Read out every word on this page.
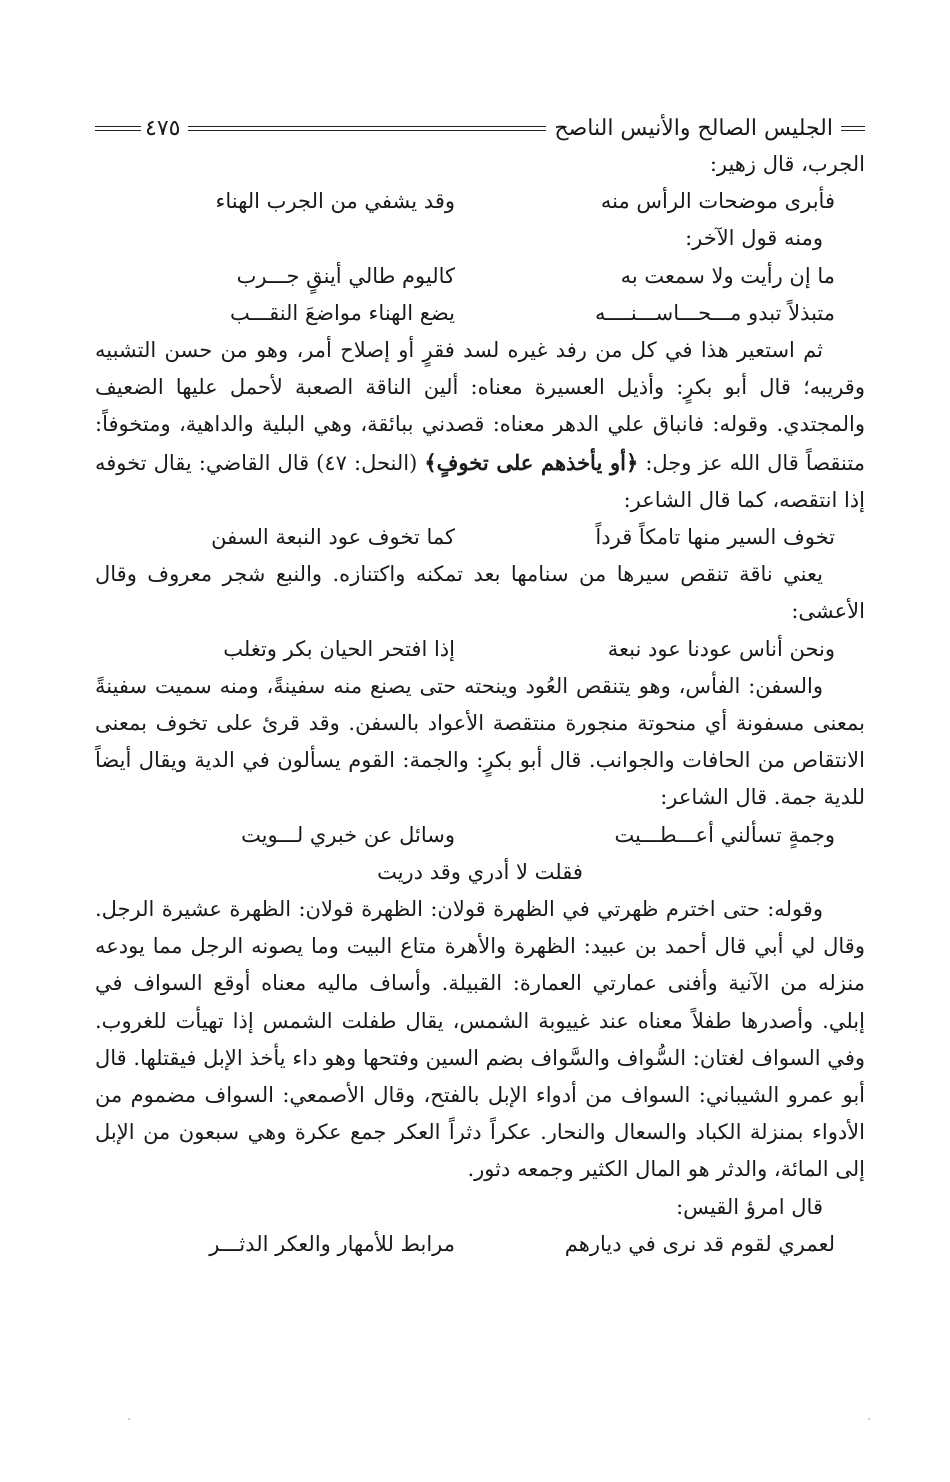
الجليس الصالح والأنيس الناصح
٤٧٥

الجرب، قال زهير:

فأبرى موضحات الرأس منه
وقد يشفي من الجرب الهناء

ومنه قول الآخر:

ما إن رأيت ولا سمعت به
كاليوم طالي أينقٍ جـــرب
متبذلاً تبدو مـــحـــاســـنــــه
يضع الهناء مواضعَ النقـــب

ثم استعير هذا في كل من رفد غيره لسد فقرٍ أو إصلاح أمر، وهو من حسن التشبيه وقريبه؛ قال أبو بكرٍ: وأذيل العسيرة معناه: ألين الناقة الصعبة لأحمل عليها الضعيف والمجتدي. وقوله: فانباق علي الدهر معناه: قصدني ببائقة، وهي البلية والداهية، ومتخوفاً: متنقصاً قال الله عز وجل: ﴿أو يأخذهم على تخوفٍ﴾ (النحل: ٤٧) قال القاضي: يقال تخوفه إذا انتقصه، كما قال الشاعر:

تخوف السير منها تامكاً قرداً
كما تخوف عود النبعة السفن

يعني ناقة تنقص سيرها من سنامها بعد تمكنه واكتنازه. والنبع شجر معروف وقال الأعشى:

ونحن أناس عودنا عود نبعة
إذا افتحر الحيان بكر وتغلب

والسفن: الفأس، وهو يتنقص العُود وينحته حتى يصنع منه سفينةً، ومنه سميت سفينةً بمعنى مسفونة أي منحوتة منجورة منتقصة الأعواد بالسفن. وقد قرئ على تخوف بمعنى الانتقاص من الحافات والجوانب. قال أبو بكرٍ: والجمة: القوم يسألون في الدية ويقال أيضاً للدية جمة. قال الشاعر:

وجمةٍ تسألني أعـــطـــيت
وسائل عن خبري لـــويت
فقلت لا أدري وقد دريت

وقوله: حتى اخترم ظهرتي في الظهرة قولان: الظهرة قولان: الظهرة عشيرة الرجل. وقال لي أبي قال أحمد بن عبيد: الظهرة والأهرة متاع البيت وما يصونه الرجل مما يودعه منزله من الآنية وأفنى عمارتي العمارة: القبيلة. وأساف ماليه معناه أوقع السواف في إبلي. وأصدرها طفلاً معناه عند غييوبة الشمس، يقال طفلت الشمس إذا تهيأت للغروب. وفي السواف لغتان: السُّواف والسَّواف بضم السين وفتحها وهو داء يأخذ الإبل فيقتلها. قال أبو عمرو الشيباني: السواف من أدواء الإبل بالفتح، وقال الأصمعي: السواف مضموم من الأدواء بمنزلة الكباد والسعال والنحار. عكراً دثراً العكر جمع عكرة وهي سبعون من الإبل إلى المائة، والدثر هو المال الكثير وجمعه دثور.

قال امرؤ القيس:

لعمري لقوم قد نرى في ديارهم
مرابط للأمهار والعكر الدثـــر
